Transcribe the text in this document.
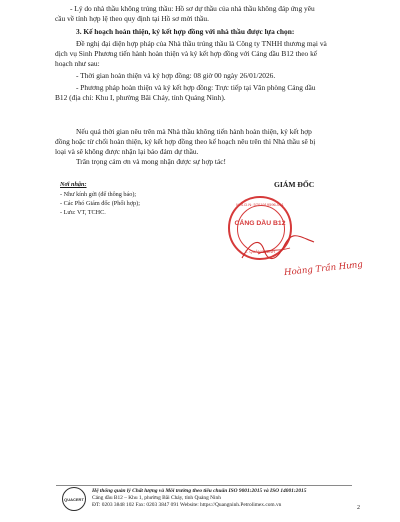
- Lý do nhà thầu không trúng thầu: Hồ sơ dự thầu của nhà thầu không đáp ứng yêu
cầu về tính hợp lệ theo quy định tại Hồ sơ mời thầu.
3. Kế hoạch hoàn thiện, ký kết hợp đồng với nhà thầu được lựa chọn:
Đề nghị đại diện hợp pháp của Nhà thầu trúng thầu là Công ty TNHH thương mại và
dịch vụ Sinh Phương tiến hành hoàn thiện và ký kết hợp đồng với Cảng dầu B12 theo kế
hoạch như sau:
- Thời gian hoàn thiện và ký hợp đồng: 08 giờ 00 ngày 26/01/2026.
- Phương pháp hoàn thiện và ký kết hợp đồng: Trực tiếp tại Văn phòng Cảng dầu
B12 (địa chỉ: Khu I, phường Bãi Cháy, tỉnh Quảng Ninh).
Nếu quá thời gian nêu trên mà Nhà thầu không tiến hành hoàn thiện, ký kết hợp
đồng hoặc từ chối hoàn thiện, ký kết hợp đồng theo kế hoạch nêu trên thì Nhà thầu sẽ bị
loại và sẽ không được nhận lại bảo đảm dự thầu.
Trân trọng cảm ơn và mong nhận được sự hợp tác!
Nơi nhận:
- Như kính gửi (để thông báo);
- Các Phó Giám đốc (Phối hợp);
- Lưu: VT, TCHC.
GIÁM ĐỐC
M.S.D.N: 5701919596-001
CẢNG DẦU B12
T. QUẢNG NINH
Hoàng Trần Hưng
QUACERT
Hệ thống quản lý Chất lượng và Môi trường theo tiêu chuẩn ISO 9001:2015 và ISO 14001:2015
Cảng dầu B12 – Khu 1, phường Bãi Cháy, tỉnh Quảng Ninh
ĐT: 0203 3848 102 Fax: 0203 3847 091 Website: https://Quangninh.Petrolimex.com.vn	2
